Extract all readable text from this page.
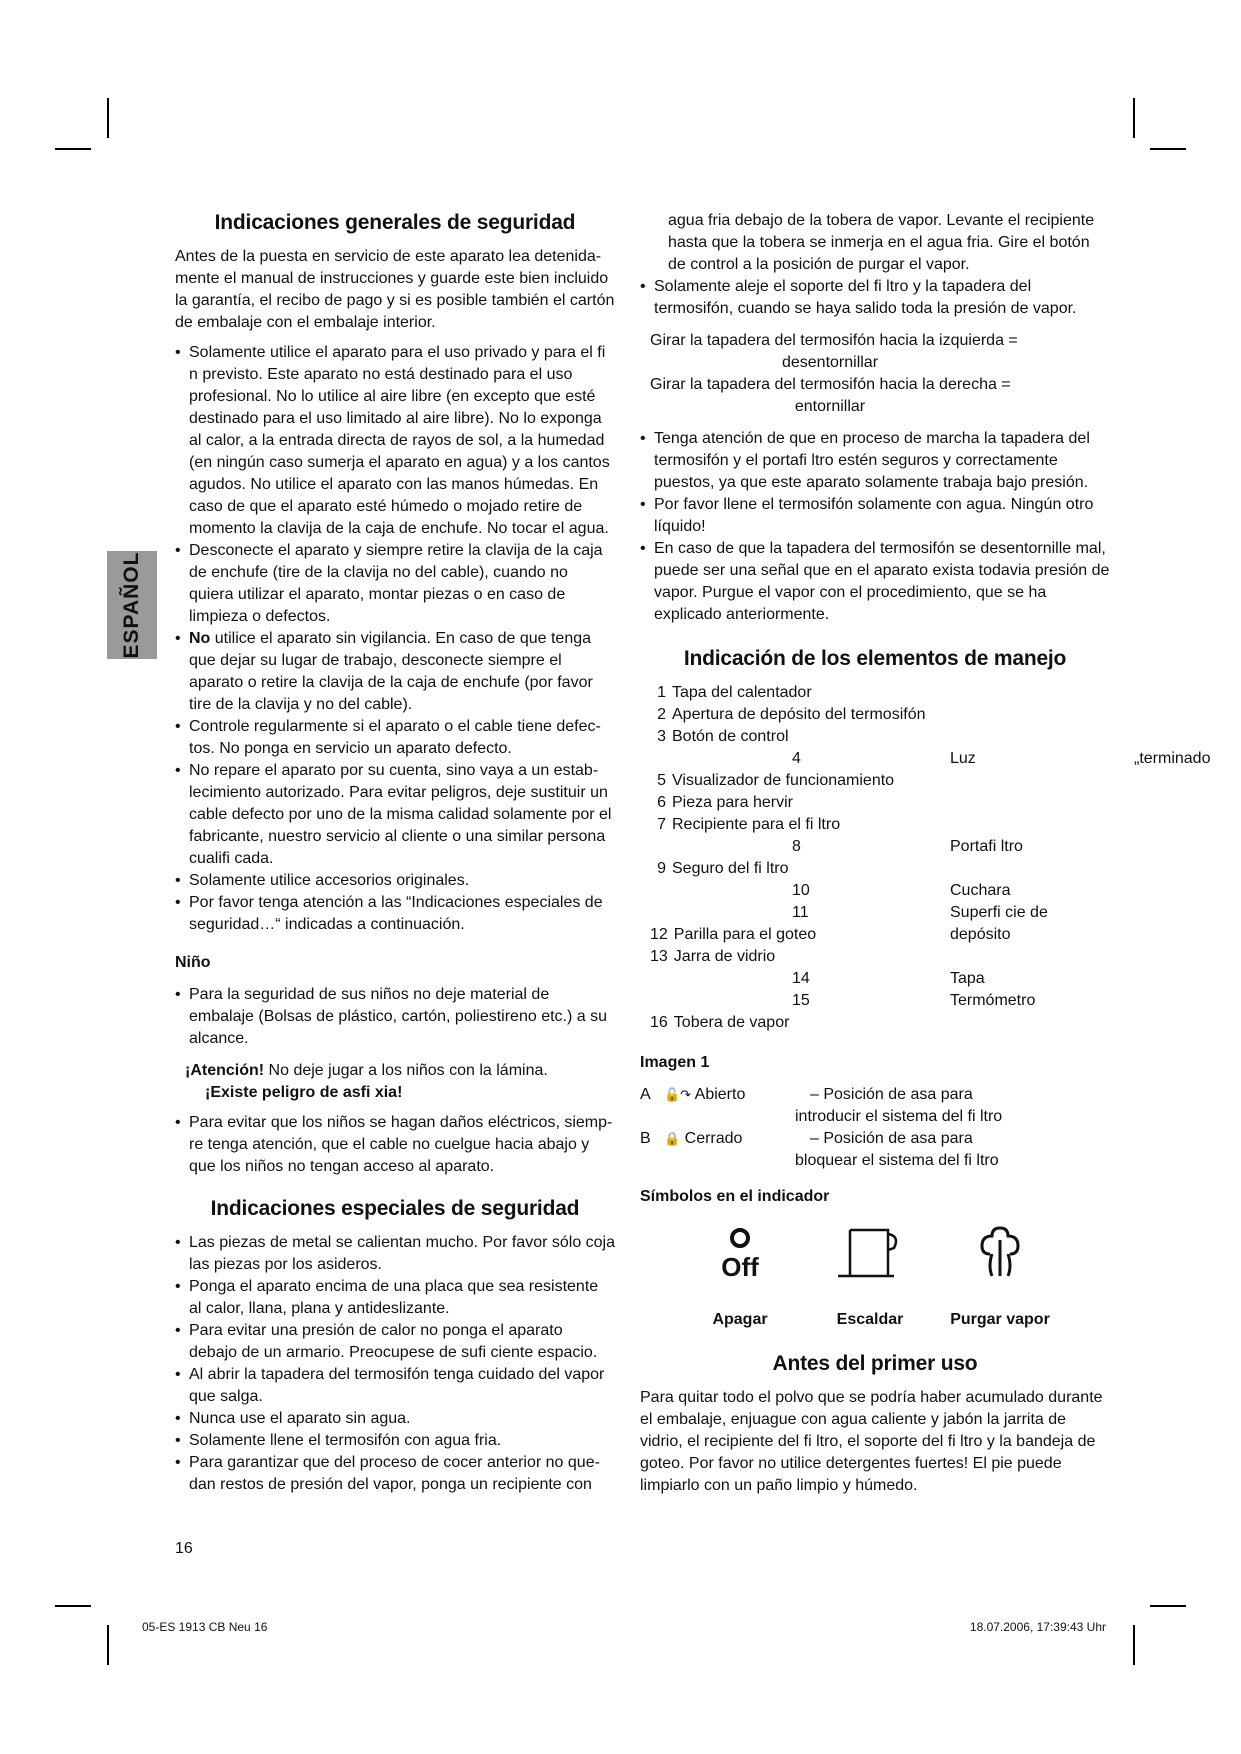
ESPAÑOL
Indicaciones generales de seguridad

Antes de la puesta en servicio de este aparato lea detenidamente el manual de instrucciones y guarde este bien incluido la garantía, el recibo de pago y si es posible también el cartón de embalaje con el embalaje interior.

• Solamente utilice el aparato para el uso privado y para el fi n previsto. Este aparato no está destinado para el uso profesional. No lo utilice al aire libre (en excepto que esté destinado para el uso limitado al aire libre). No lo exponga al calor, a la entrada directa de rayos de sol, a la humedad (en ningún caso sumerja el aparato en agua) y a los cantos agudos. No utilice el aparato con las manos húmedas. En caso de que el aparato esté húmedo o mojado retire de momento la clavija de la caja de enchufe. No tocar el agua.
• Desconecte el aparato y siempre retire la clavija de la caja de enchufe (tire de la clavija no del cable), cuando no quiera utilizar el aparato, montar piezas o en caso de limpieza o defectos.
• No utilice el aparato sin vigilancia. En caso de que tenga que dejar su lugar de trabajo, desconecte siempre el aparato o retire la clavija de la caja de enchufe (por favor tire de la clavija y no del cable).
• Controle regularmente si el aparato o el cable tiene defectos. No ponga en servicio un aparato defecto.
• No repare el aparato por su cuenta, sino vaya a un establecimiento autorizado. Para evitar peligros, deje sustituir un cable defecto por uno de la misma calidad solamente por el fabricante, nuestro servicio al cliente o una similar persona cualifi cada.
• Solamente utilice accesorios originales.
• Por favor tenga atención a las “Indicaciones especiales de seguridad…“ indicadas a continuación.
Niño
• Para la seguridad de sus niños no deje material de embalaje (Bolsas de plástico, cartón, poliestireno etc.) a su alcance.
¡Atención! No deje jugar a los niños con la lámina.
¡Existe peligro de asfi xia!
• Para evitar que los niños se hagan daños eléctricos, siempre tenga atención, que el cable no cuelgue hacia abajo y que los niños no tengan acceso al aparato.
Indicaciones especiales de seguridad
• Las piezas de metal se calientan mucho. Por favor sólo coja las piezas por los asideros.
• Ponga el aparato encima de una placa que sea resistente al calor, llana, plana y antideslizante.
• Para evitar una presión de calor no ponga el aparato debajo de un armario. Preocupese de sufi ciente espacio.
• Al abrir la tapadera del termosifón tenga cuidado del vapor que salga.
• Nunca use el aparato sin agua.
• Solamente llene el termosifón con agua fria.
• Para garantizar que del proceso de cocer anterior no quedan restos de presión del vapor, ponga un recipiente con
16

agua fria debajo de la tobera de vapor. Levante el recipiente hasta que la tobera se inmerja en el agua fria. Gire el botón de control a la posición de purgar el vapor.

• Solamente aleje el soporte del fi ltro y la tapadera del termosifón, cuando se haya salido toda la presión de vapor.
Girar la tapadera del termosifón hacia la izquierda =
desentornillar
Girar la tapadera del termosifón hacia la derecha =
entornillar
• Tenga atención de que en proceso de marcha la tapadera del termosifón y el portafi ltro estén seguros y correctamente puestos, ya que este aparato solamente trabaja bajo presión.
• Por favor llene el termosifón solamente con agua. Ningún otro líquido!
• En caso de que la tapadera del termosifón se desentornille mal, puede ser una señal que en el aparato exista todavia presión de vapor. Purgue el vapor con el procedimiento, que se ha explicado anteriormente.
Indicación de los elementos de manejo
1 Tapa del calentador
2 Apertura de depósito del termosifón
3 Botón de control
4	Luz	„terminado
5 Visualizador de funcionamiento
6 Pieza para hervir
7 Recipiente para el fi ltro
8	Portafi ltro
9 Seguro del fi ltro
10	Cuchara
11	Superfi cie de depósito
12 Parilla para el goteo
13 Jarra de vidrio
14	Tapa
15	Termómetro
16 Tobera de vapor
Imagen 1
A 🔓↷ Abierto	– Posición de asa para
introducir el sistema del fi ltro
B 🔒 Cerrado	– Posición de asa para
bloquear el sistema del fi ltro
Símbolos en el indicador
Off
Apagar	Escaldar	Purgar vapor
Antes del primer uso

Para quitar todo el polvo que se podría haber acumulado durante el embalaje, enjuague con agua caliente y jabón la jarrita de vidrio, el recipiente del fi ltro, el soporte del fi ltro y la bandeja de goteo. Por favor no utilice detergentes fuertes! El pie puede limpiarlo con un paño limpio y húmedo.

05-ES 1913 CB Neu 16	18.07.2006, 17:39:43 Uhr
